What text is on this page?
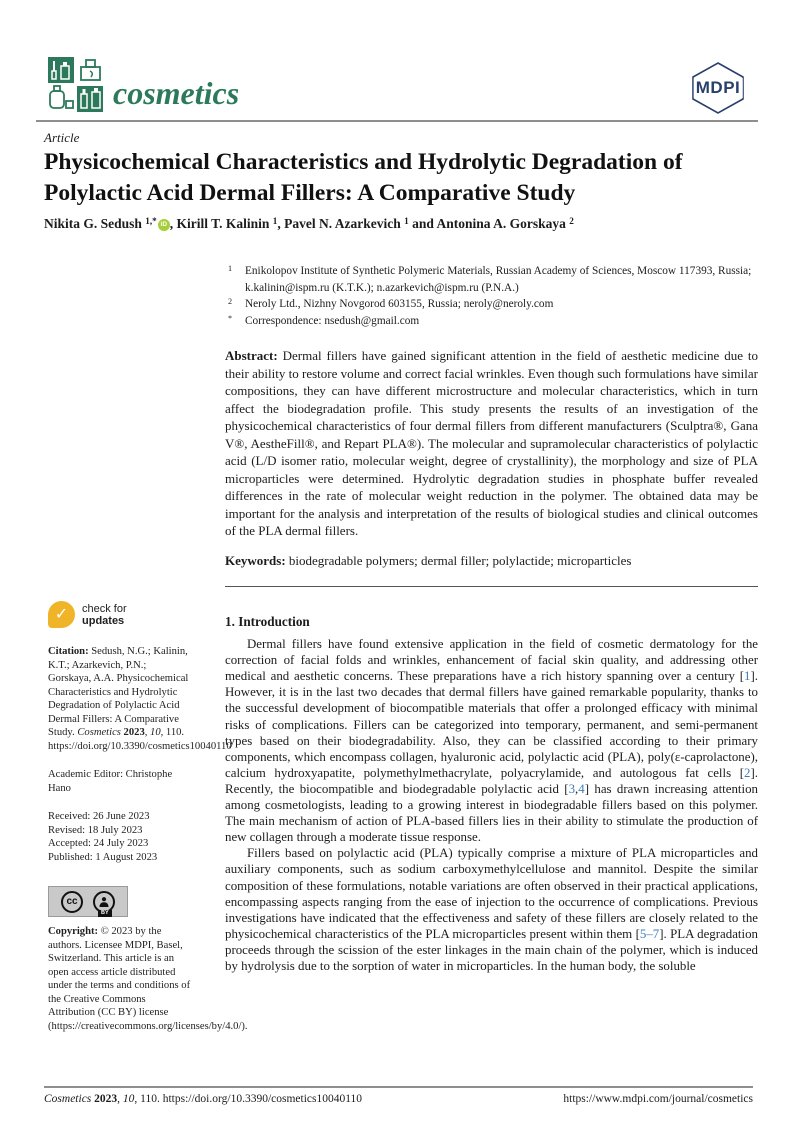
cosmetics	MDPI
Article
Physicochemical Characteristics and Hydrolytic Degradation of Polylactic Acid Dermal Fillers: A Comparative Study
Nikita G. Sedush $^{1,*}$ iD , Kirill T. Kalinin $^1$, Pavel N. Azarkevich $^1$ and Antonina A. Gorskaya $^2$
1	Enikolopov Institute of Synthetic Polymeric Materials, Russian Academy of Sciences, Moscow 117393, Russia; k.kalinin@ispm.ru (K.T.K.); n.azarkevich@ispm.ru (P.N.A.)
2	Neroly Ltd., Nizhny Novgorod 603155, Russia; neroly@neroly.com
*	Correspondence: nsedush@gmail.com
Abstract: Dermal fillers have gained significant attention in the field of aesthetic medicine due to their ability to restore volume and correct facial wrinkles. Even though such formulations have similar compositions, they can have different microstructure and molecular characteristics, which in turn affect the biodegradation profile. This study presents the results of an investigation of the physicochemical characteristics of four dermal fillers from different manufacturers (Sculptra®, Gana V®, AestheFill®, and Repart PLA®). The molecular and supramolecular characteristics of polylactic acid (L/D isomer ratio, molecular weight, degree of crystallinity), the morphology and size of PLA microparticles were determined. Hydrolytic degradation studies in phosphate buffer revealed differences in the rate of molecular weight reduction in the polymer. The obtained data may be important for the analysis and interpretation of the results of biological studies and clinical outcomes of the PLA dermal fillers.
Keywords: biodegradable polymers; dermal filler; polylactide; microparticles
✓	check for
updates
Citation: Sedush, N.G.; Kalinin, K.T.; Azarkevich, P.N.; Gorskaya, A.A. Physicochemical Characteristics and Hydrolytic Degradation of Polylactic Acid Dermal Fillers: A Comparative Study. Cosmetics 2023, 10, 110. https://doi.org/10.3390/cosmetics10040110
Academic Editor: Christophe Hano
Received: 26 June 2023
Revised: 18 July 2023
Accepted: 24 July 2023
Published: 1 August 2023
cc
BY
Copyright: © 2023 by the authors. Licensee MDPI, Basel, Switzerland. This article is an open access article distributed under the terms and conditions of the Creative Commons Attribution (CC BY) license (https://creativecommons.org/licenses/by/4.0/).
1. Introduction

Dermal fillers have found extensive application in the field of cosmetic dermatology for the correction of facial folds and wrinkles, enhancement of facial skin quality, and addressing other medical and aesthetic concerns. These preparations have a rich history spanning over a century [1]. However, it is in the last two decades that dermal fillers have gained remarkable popularity, thanks to the successful development of biocompatible materials that offer a prolonged efficacy with minimal risks of complications. Fillers can be categorized into temporary, permanent, and semi-permanent types based on their biodegradability. Also, they can be classified according to their primary components, which encompass collagen, hyaluronic acid, polylactic acid (PLA), poly(ε-caprolactone), calcium hydroxyapatite, polymethylmethacrylate, polyacrylamide, and autologous fat cells [2]. Recently, the biocompatible and biodegradable polylactic acid [3,4] has drawn increasing attention among cosmetologists, leading to a growing interest in biodegradable fillers based on this polymer. The main mechanism of action of PLA-based fillers lies in their ability to stimulate the production of new collagen through a moderate tissue response.

Fillers based on polylactic acid (PLA) typically comprise a mixture of PLA microparticles and auxiliary components, such as sodium carboxymethylcellulose and mannitol. Despite the similar composition of these formulations, notable variations are often observed in their practical applications, encompassing aspects ranging from the ease of injection to the occurrence of complications. Previous investigations have indicated that the effectiveness and safety of these fillers are closely related to the physicochemical characteristics of the PLA microparticles present within them [5–7]. PLA degradation proceeds through the scission of the ester linkages in the main chain of the polymer, which is induced by hydrolysis due to the sorption of water in microparticles. In the human body, the soluble

Cosmetics 2023, 10, 110. https://doi.org/10.3390/cosmetics10040110	https://www.mdpi.com/journal/cosmetics
